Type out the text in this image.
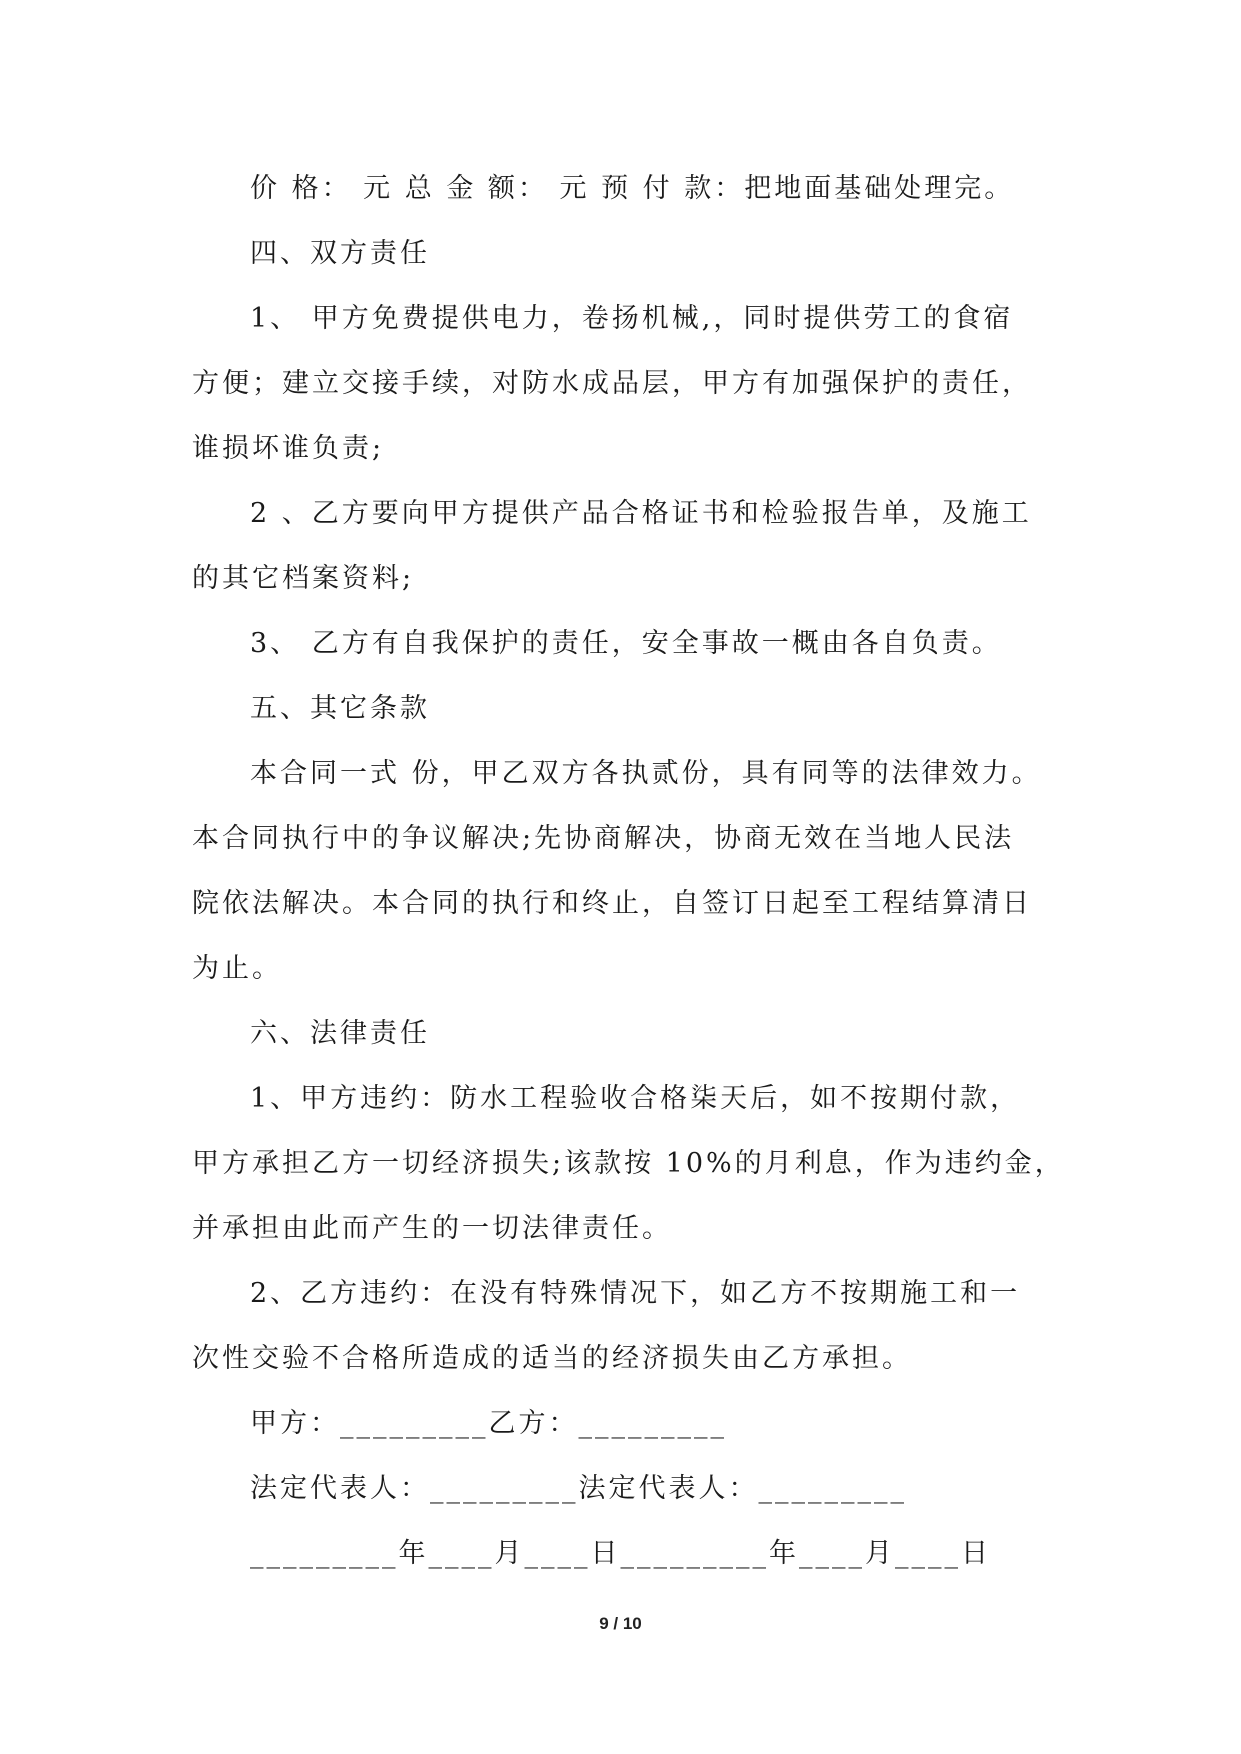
价 格： 元 总 金 额： 元 预 付 款：把地面基础处理完。
四、双方责任
1、 甲方免费提供电力，卷扬机械,，同时提供劳工的食宿
方便；建立交接手续，对防水成品层，甲方有加强保护的责任，
谁损坏谁负责;
2 、乙方要向甲方提供产品合格证书和检验报告单，及施工
的其它档案资料;
3、 乙方有自我保护的责任，安全事故一概由各自负责。
五、其它条款
本合同一式 份，甲乙双方各执贰份，具有同等的法律效力。
本合同执行中的争议解决;先协商解决，协商无效在当地人民法
院依法解决。本合同的执行和终止，自签订日起至工程结算清日
为止。
六、法律责任
1、甲方违约：防水工程验收合格柒天后，如不按期付款，
甲方承担乙方一切经济损失;该款按 10%的月利息，作为违约金，
并承担由此而产生的一切法律责任。
2、乙方违约：在没有特殊情况下，如乙方不按期施工和一
次性交验不合格所造成的适当的经济损失由乙方承担。
甲方：_________乙方：_________
法定代表人：_________法定代表人：_________
_________年____月____日_________年____月____日
9 / 10
